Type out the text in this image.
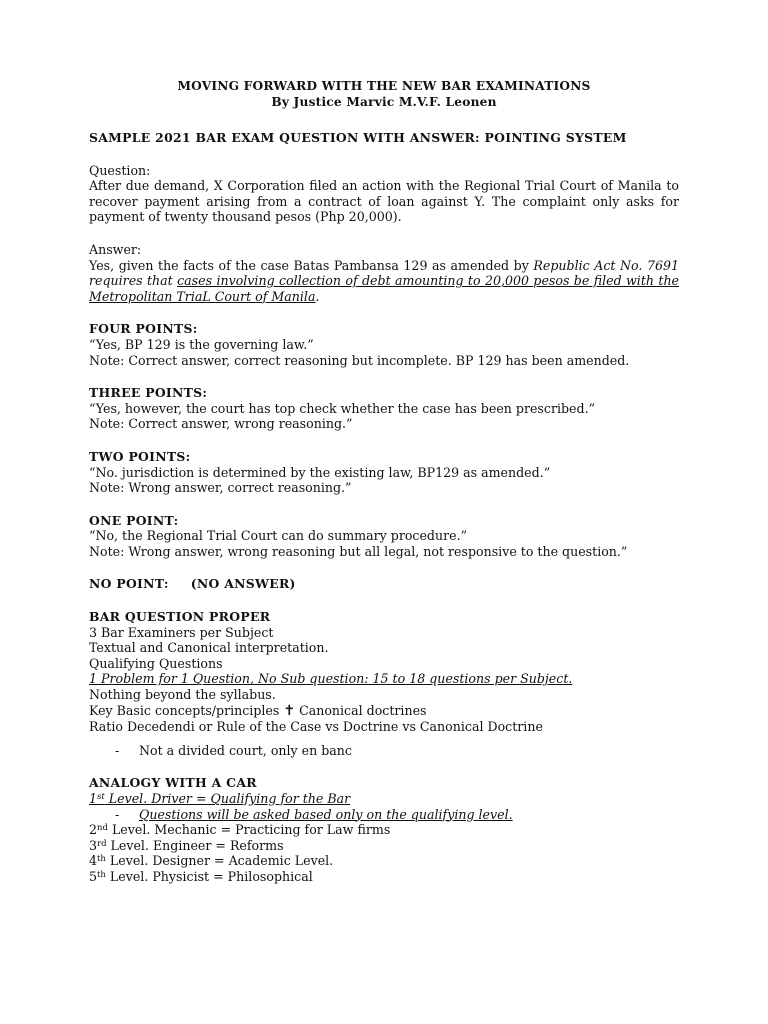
MOVING FORWARD WITH THE NEW BAR EXAMINATIONS
By Justice Marvic M.V.F. Leonen
SAMPLE 2021 BAR EXAM QUESTION WITH ANSWER: POINTING SYSTEM
Question:
After due demand, X Corporation filed an action with the Regional Trial Court of Manila to recover payment arising from a contract of loan against Y. The complaint only asks for payment of twenty thousand pesos (Php 20,000).
Answer:
Yes, given the facts of the case Batas Pambansa 129 as amended by Republic Act No. 7691 requires that cases involving collection of debt amounting to 20,000 pesos be filed with the Metropolitan TriaL Court of Manila.
FOUR POINTS:
“Yes, BP 129 is the governing law.”
Note: Correct answer, correct reasoning but incomplete. BP 129 has been amended.
THREE POINTS:
“Yes, however, the court has top check whether the case has been prescribed.”
Note: Correct answer, wrong reasoning.”
TWO POINTS:
“No. jurisdiction is determined by the existing law, BP129 as amended.”
Note: Wrong answer, correct reasoning.”
ONE POINT:
“No, the Regional Trial Court can do summary procedure.”
Note: Wrong answer, wrong reasoning but all legal, not responsive to the question.”
NO POINT: (NO ANSWER)
BAR QUESTION PROPER
3 Bar Examiners per Subject
Textual and Canonical interpretation.
Qualifying Questions
1 Problem for 1 Question, No Sub question: 15 to 18 questions per Subject.
Nothing beyond the syllabus.
Key Basic concepts/principles ✝ Canonical doctrines
Ratio Decedendi or Rule of the Case vs Doctrine vs Canonical Doctrine
-	Not a divided court, only en banc
ANALOGY WITH A CAR
1st Level. Driver = Qualifying for the Bar
-	Questions will be asked based only on the qualifying level.
2nd Level. Mechanic = Practicing for Law firms
3rd Level. Engineer = Reforms
4th Level. Designer = Academic Level.
5th Level. Physicist = Philosophical
